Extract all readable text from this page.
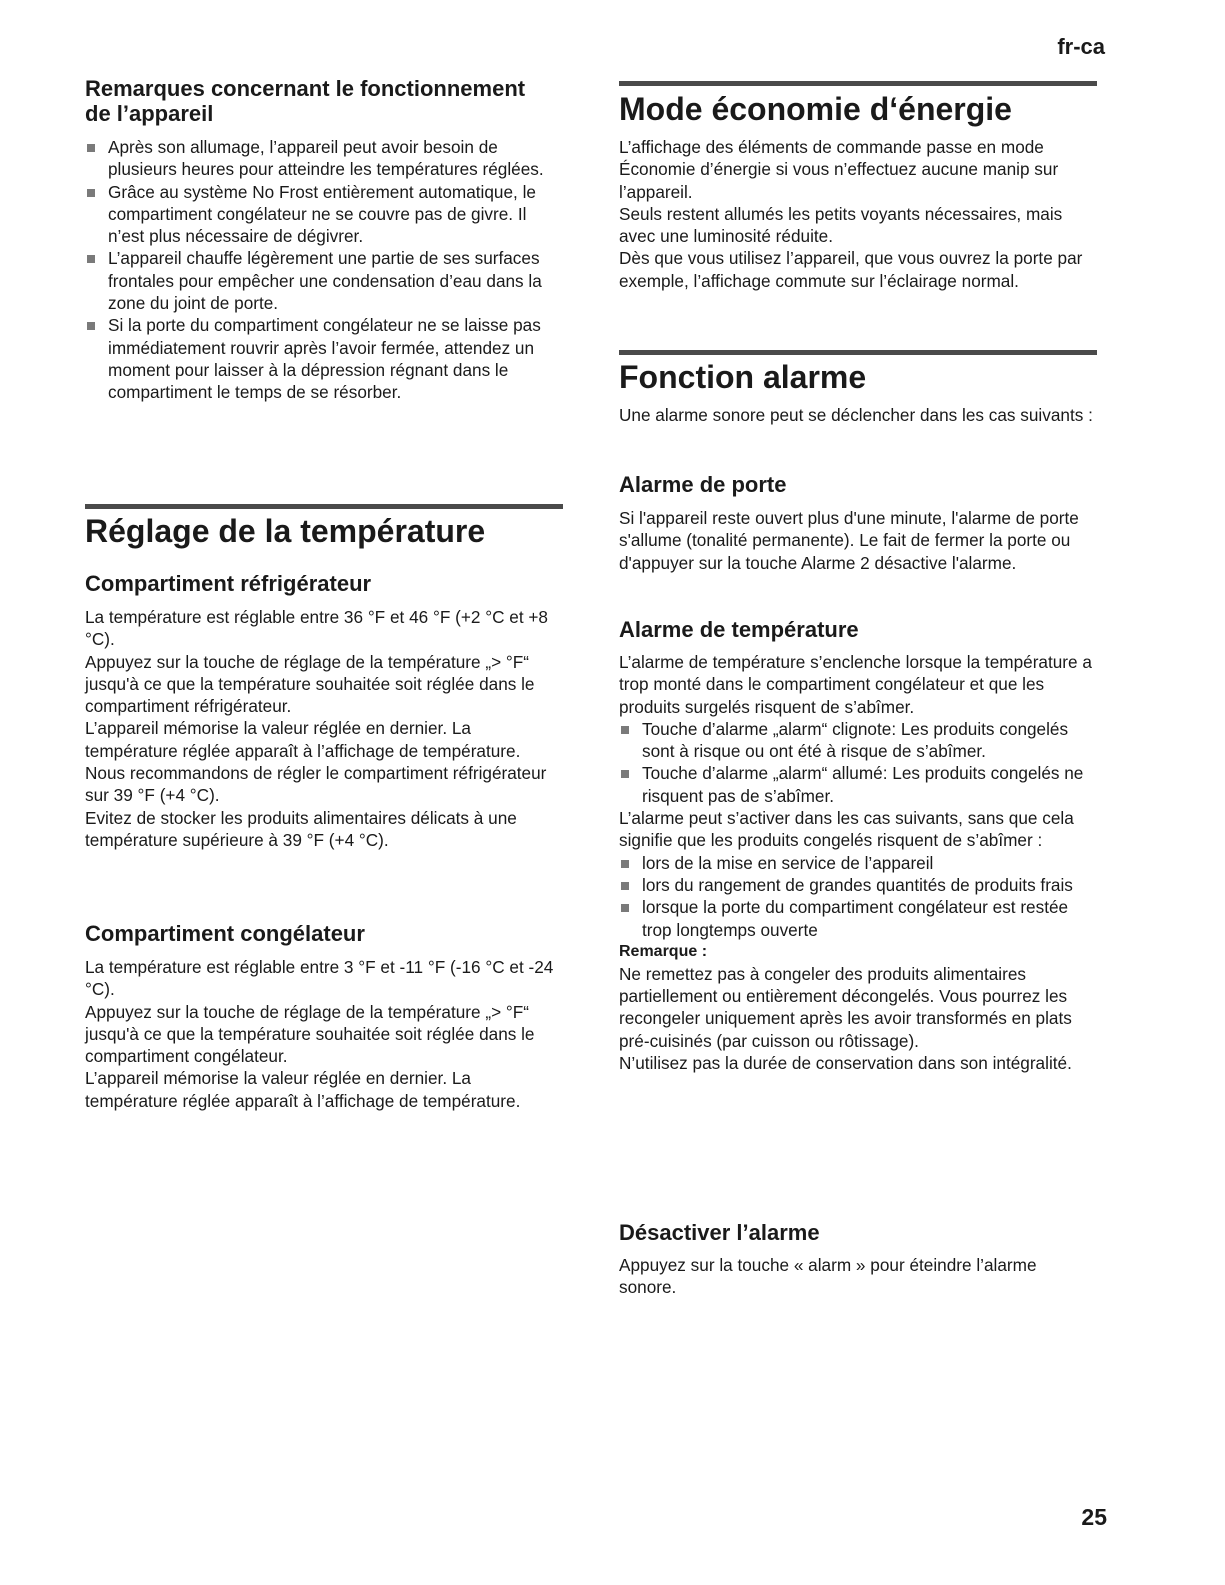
fr-ca
Remarques concernant le fonctionnement
de l’appareil
Après son allumage, l’appareil peut avoir besoin de plusieurs heures pour atteindre les températures réglées.
Grâce au système No Frost entièrement automatique, le compartiment congélateur ne se couvre pas de givre. Il n’est plus nécessaire de dégivrer.
L’appareil chauffe légèrement une partie de ses surfaces frontales pour empêcher une condensation d’eau dans la zone du joint de porte.
Si la porte du compartiment congélateur ne se laisse pas immédiatement rouvrir après l’avoir fermée, attendez un moment pour laisser à la dépression régnant dans le compartiment le temps de se résorber.
Réglage de la température
Compartiment réfrigérateur

La température est réglable entre 36 °F et 46 °F (+2 °C et +8 °C).

Appuyez sur la touche de réglage de la température „> °F“ jusqu'à ce que la température souhaitée soit réglée dans le compartiment réfrigérateur.

L’appareil mémorise la valeur réglée en dernier. La température réglée apparaît à l’affichage de température.

Nous recommandons de régler le compartiment réfrigérateur sur 39 °F (+4 °C).

Evitez de stocker les produits alimentaires délicats à une température supérieure à 39 °F (+4 °C).

Compartiment congélateur

La température est réglable entre 3 °F et -11 °F (-16 °C et -24 °C).

Appuyez sur la touche de réglage de la température „> °F“ jusqu'à ce que la température souhaitée soit réglée dans le compartiment congélateur.

L’appareil mémorise la valeur réglée en dernier. La température réglée apparaît à l’affichage de température.

Mode économie d‘énergie

L’affichage des éléments de commande passe en mode Économie d’énergie si vous n’effectuez aucune manip sur l’appareil.

Seuls restent allumés les petits voyants nécessaires, mais avec une luminosité réduite.

Dès que vous utilisez l’appareil, que vous ouvrez la porte par exemple, l’affichage commute sur l’éclairage normal.

Fonction alarme

Une alarme sonore peut se déclencher dans les cas suivants :

Alarme de porte

Si l'appareil reste ouvert plus d'une minute, l'alarme de porte s'allume (tonalité permanente). Le fait de fermer la porte ou d'appuyer sur la touche Alarme 2 désactive l'alarme.

Alarme de température

L’alarme de température s’enclenche lorsque la température a trop monté dans le compartiment congélateur et que les produits surgelés risquent de s’abîmer.

Touche d’alarme „alarm“ clignote: Les produits congelés sont à risque ou ont été à risque de s’abîmer.
Touche d’alarme „alarm“ allumé: Les produits congelés ne risquent pas de s’abîmer.

L’alarme peut s’activer dans les cas suivants, sans que cela signifie que les produits congelés risquent de s’abîmer :

lors de la mise en service de l’appareil
lors du rangement de grandes quantités de produits frais
lorsque la porte du compartiment congélateur est restée trop longtemps ouverte

Remarque :

Ne remettez pas à congeler des produits alimentaires partiellement ou entièrement décongelés. Vous pourrez les recongeler uniquement après les avoir transformés en plats pré-cuisinés (par cuisson ou rôtissage).

N’utilisez pas la durée de conservation dans son intégralité.

Désactiver l’alarme

Appuyez sur la touche « alarm » pour éteindre l’alarme sonore.

25
